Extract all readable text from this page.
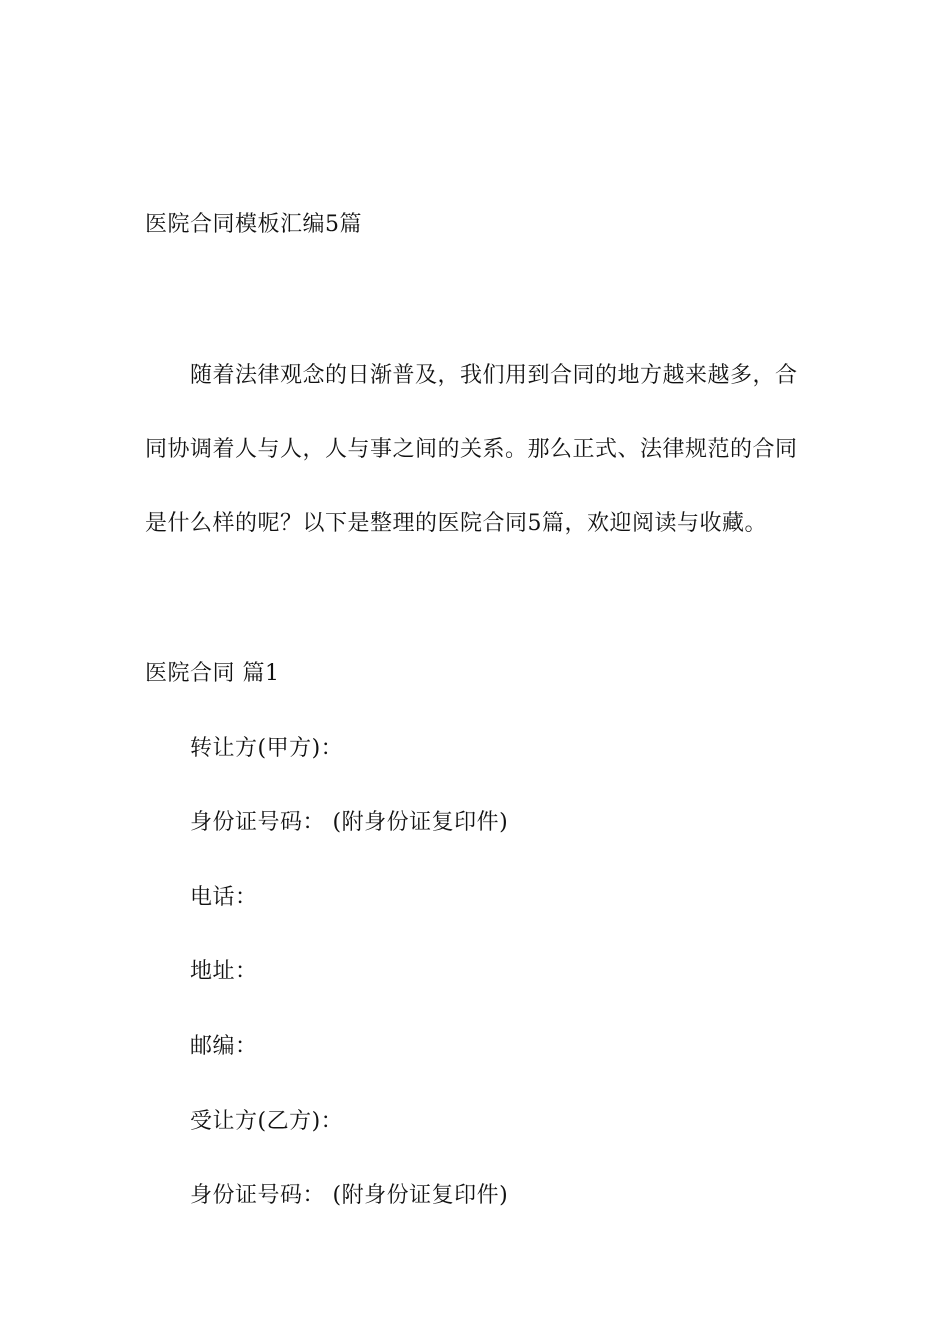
医院合同模板汇编5篇
随着法律观念的日渐普及，我们用到合同的地方越来越多，合
同协调着人与人，人与事之间的关系。那么正式、法律规范的合同
是什么样的呢？以下是整理的医院合同5篇，欢迎阅读与收藏。
医院合同 篇1
转让方(甲方)：
身份证号码： (附身份证复印件)
电话：
地址：
邮编：
受让方(乙方)：
身份证号码： (附身份证复印件)
